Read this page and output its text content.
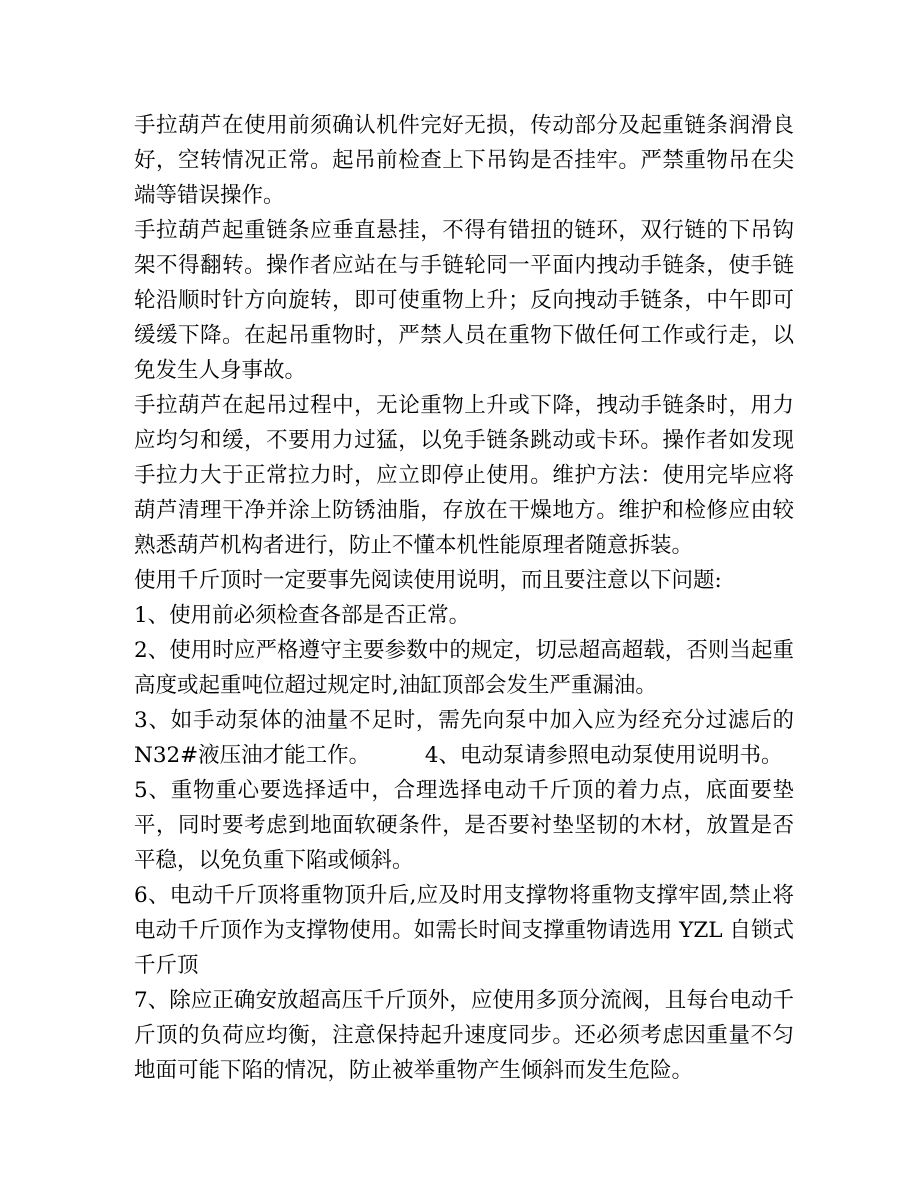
手拉葫芦在使用前须确认机件完好无损，传动部分及起重链条润滑良好，空转情况正常。起吊前检查上下吊钩是否挂牢。严禁重物吊在尖端等错误操作。

手拉葫芦起重链条应垂直悬挂，不得有错扭的链环，双行链的下吊钩架不得翻转。操作者应站在与手链轮同一平面内拽动手链条，使手链轮沿顺时针方向旋转，即可使重物上升；反向拽动手链条，中午即可缓缓下降。在起吊重物时，严禁人员在重物下做任何工作或行走，以免发生人身事故。

手拉葫芦在起吊过程中，无论重物上升或下降，拽动手链条时，用力应均匀和缓，不要用力过猛，以免手链条跳动或卡环。操作者如发现手拉力大于正常拉力时，应立即停止使用。维护方法：使用完毕应将葫芦清理干净并涂上防锈油脂，存放在干燥地方。维护和检修应由较熟悉葫芦机构者进行，防止不懂本机性能原理者随意拆装。

使用千斤顶时一定要事先阅读使用说明，而且要注意以下问题:

1、使用前必须检查各部是否正常。

2、使用时应严格遵守主要参数中的规定，切忌超高超载，否则当起重高度或起重吨位超过规定时,油缸顶部会发生严重漏油。

3、如手动泵体的油量不足时，需先向泵中加入应为经充分过滤后的 N32#液压油才能工作。        4、电动泵请参照电动泵使用说明书。

5、重物重心要选择适中，合理选择电动千斤顶的着力点，底面要垫平，同时要考虑到地面软硬条件，是否要衬垫坚韧的木材，放置是否平稳，以免负重下陷或倾斜。

6、电动千斤顶将重物顶升后,应及时用支撑物将重物支撑牢固,禁止将电动千斤顶作为支撑物使用。如需长时间支撑重物请选用 YZL 自锁式千斤顶

7、除应正确安放超高压千斤顶外，应使用多顶分流阀，且每台电动千斤顶的负荷应均衡，注意保持起升速度同步。还必须考虑因重量不匀地面可能下陷的情况，防止被举重物产生倾斜而发生危险。
